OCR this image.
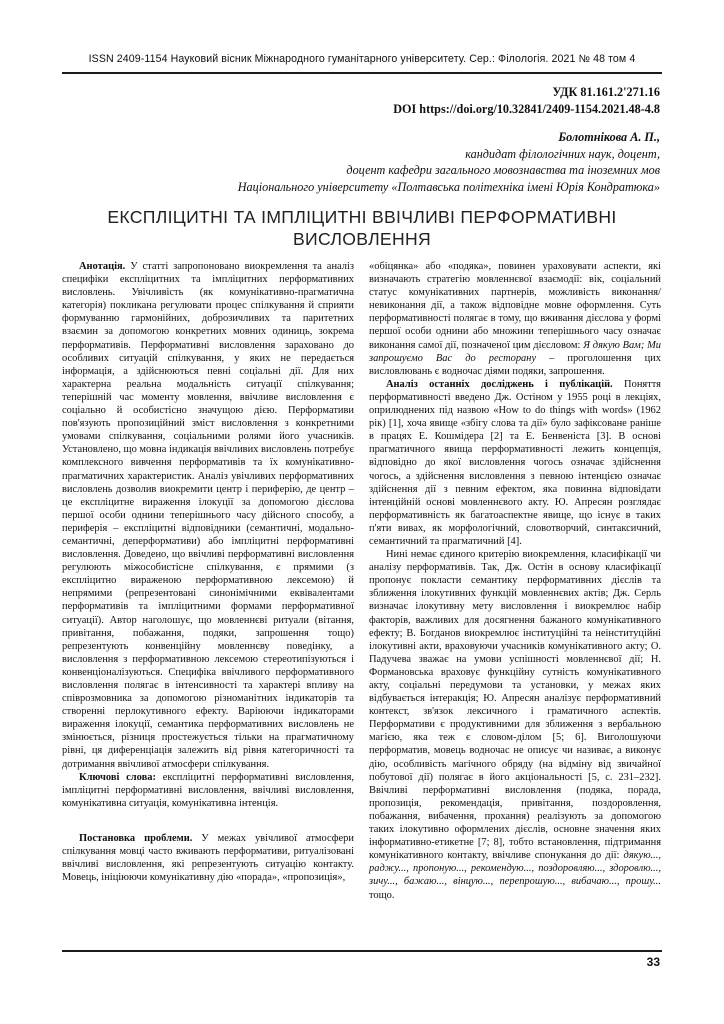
ISSN 2409-1154 Науковий вісник Міжнародного гуманітарного університету. Сер.: Філологія. 2021 № 48 том 4
УДК 81.161.2'271.16
DOI https://doi.org/10.32841/2409-1154.2021.48-4.8
Болотнікова А. П.,
кандидат філологічних наук, доцент,
доцент кафедри загального мовознавства та іноземних мов
Національного університету «Полтавська політехніка імені Юрія Кондратюка»
ЕКСПЛІЦИТНІ ТА ІМПЛІЦИТНІ ВВІЧЛИВІ ПЕРФОРМАТИВНІ ВИСЛОВЛЕННЯ

Анотація. У статті запропоновано виокремлення та аналіз специфіки експліцитних та імпліцитних перформативних висловлень. Увічливість (як комунікативно-прагматична категорія) покликана регулювати процес спілкування й сприяти формуванню гармонійних, доброзичливих та паритетних взаємин за допомогою конкретних мовних одиниць, зокрема перформативів. Перформативні висловлення зараховано до особливих ситуацій спілкування, у яких не передається інформація, а здійснюються певні соціальні дії. Для них характерна реальна модальність ситуації спілкування; теперішній час моменту мовлення, ввічливе висловлення є соціально й особистісно значущою дією. Перформативи пов'язують пропозиційний зміст висловлення з конкретними умовами спілкування, соціальними ролями його учасників. Установлено, що мовна індикація ввічливих висловлень потребує комплексного вивчення перформативів та їх комунікативно-прагматичних характеристик. Аналіз увічливих перформативних висловлень дозволив виокремити центр і периферію, де центр – це експліцитне вираження ілокуції за допомогою дієслова першої особи однини теперішнього часу дійсного способу, а периферія – експліцитні відповідники (семантичні, модально-семантичні, деперформативи) або імпліцитні перформативні висловлення. Доведено, що ввічливі перформативні висловлення регулюють міжособистісне спілкування, є прямими (з експліцитно вираженою перформативною лексемою) й непрямими (репрезентовані синонімічними еквівалентами перформативів та імпліцитними формами перформативної ситуації). Автор наголошує, що мовленнєві ритуали (вітання, привітання, побажання, подяки, запрошення тощо) репрезентують конвенційну мовленнєву поведінку, а висловлення з перформативною лексемою стереотипізуються і конвенціоналізуються. Специфіка ввічливого перформативного висловлення полягає в інтенсивності та характері впливу на співрозмовника за допомогою різноманітних індикаторів та створенні перлокутивного ефекту. Варіюючи індикаторами вираження ілокуції, семантика перформативних висловлень не змінюється, різниця простежується тільки на прагматичному рівні, ця диференціація залежить від рівня категоричності та дотримання ввічливої атмосфери спілкування.

Ключові слова: експліцитні перформативні висловлення, імпліцитні перформативні висловлення, ввічливі висловлення, комунікативна ситуація, комунікативна інтенція.

Постановка проблеми. У межах увічливої атмосфери спілкування мовці часто вживають перформативи, ритуалізовані ввічливі висловлення, які репрезентують ситуацію контакту. Мовець, ініціюючи комунікативну дію «порада», «пропозиція»,

«обіцянка» або «подяка», повинен ураховувати аспекти, які визначають стратегію мовленнєвої взаємодії: вік, соціальний статус комунікативних партнерів, можливість виконання/невиконання дії, а також відповідне мовне оформлення. Суть перформативності полягає в тому, що вживання дієслова у формі першої особи однини або множини теперішнього часу означає виконання самої дії, позначеної цим дієсловом: Я дякую Вам; Ми запрошуємо Вас до ресторану – проголошення цих висловлювань є водночас діями подяки, запрошення.

Аналіз останніх досліджень і публікацій. Поняття перформативності введено Дж. Остіном у 1955 році в лекціях, оприлюднених під назвою «How to do things with words» (1962 рік) [1], хоча явище «збігу слова та дії» було зафіксоване раніше в працях Е. Кошмідера [2] та Е. Бенвеніста [3]. В основі прагматичного явища перформативності лежить концепція, відповідно до якої висловлення чогось означає здійснення чогось, а здійснення висловлення з певною інтенцією означає здійснення дії з певним ефектом, яка повинна відповідати інтенційній основі мовленнєвого акту. Ю. Апресян розглядає перформативність як багатоаспектне явище, що існує в таких п'яти вивах, як морфологічний, словотворчий, синтаксичний, семантичний та прагматичний [4].

Нині немає єдиного критерію виокремлення, класифікації чи аналізу перформативів. Так, Дж. Остін в основу класифікації пропонує покласти семантику перформативних дієслів та зближення ілокутивних функцій мовленнєвих актів; Дж. Серль визначає ілокутивну мету висловлення і виокремлює набір факторів, важливих для досягнення бажаного комунікативного ефекту; В. Богданов виокремлює інституційні та неінституційні ілокутивні акти, враховуючи учасників комунікативного акту; О. Падучева зважає на умови успішності мовленнєвої дії; Н. Формановська враховує функційну сутність комунікативного акту, соціальні передумови та установки, у межах яких відбувається інтеракція; Ю. Апресян аналізує перформативний контекст, зв'язок лексичного і граматичного аспектів. Перформативи є продуктивними для зближення з вербальною магією, яка теж є словом-ділом [5; 6]. Виголошуючи перформатив, мовець водночас не описує чи називає, а виконує дію, особливість магічного обряду (на відміну від звичайної побутової дії) полягає в його акціональності [5, с. 231–232]. Ввічливі перформативні висловлення (подяка, порада, пропозиція, рекомендація, привітання, поздоровлення, побажання, вибачення, прохання) реалізують за допомогою таких ілокутивно оформлених дієслів, основне значення яких інформативно-етикетне [7; 8], тобто встановлення, підтримання комунікативного контакту, ввічливе спонукання до дії: дякую..., раджу..., пропоную..., рекомендую..., поздоровляю..., здоровлю..., зичу..., бажаю..., вінцую..., перепрошую..., вибачаю..., прошу... тощо.

33
